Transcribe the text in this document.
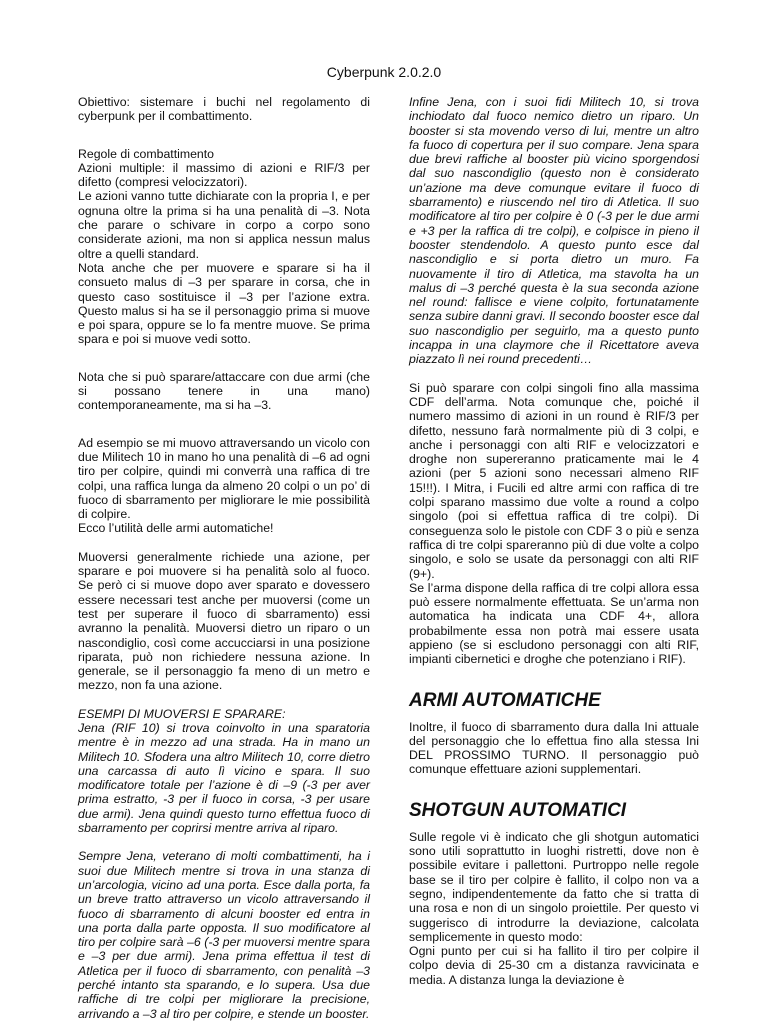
Cyberpunk 2.0.2.0

Obiettivo: sistemare i buchi nel regolamento di cyberpunk per il combattimento.

Regole di combattimento

Azioni multiple: il massimo di azioni e RIF/3 per difetto (compresi velocizzatori).

Le azioni vanno tutte dichiarate con la propria I, e per ognuna oltre la prima si ha una penalità di –3. Nota che parare o schivare in corpo a corpo sono considerate azioni, ma non si applica nessun malus oltre a quelli standard.

Nota anche che per muovere e sparare si ha il consueto malus di –3 per sparare in corsa, che in questo caso sostituisce il –3 per l’azione extra. Questo malus si ha se il personaggio prima si muove e poi spara, oppure se lo fa mentre muove. Se prima spara e poi si muove vedi sotto.

Nota che si può sparare/attaccare con due armi (che si possano tenere in una mano) contemporaneamente, ma si ha –3.

Ad esempio se mi muovo attraversando un vicolo con due Militech 10 in mano ho una penalità di –6 ad ogni tiro per colpire, quindi mi converrà una raffica di tre colpi, una raffica lunga da almeno 20 colpi o un po’ di fuoco di sbarramento per migliorare le mie possibilità di colpire.

Ecco l’utilità delle armi automatiche!

Muoversi generalmente richiede una azione, per sparare e poi muovere si ha penalità solo al fuoco. Se però ci si muove dopo aver sparato e dovessero essere necessari test anche per muoversi (come un test per superare il fuoco di sbarramento) essi avranno la penalità. Muoversi dietro un riparo o un nascondiglio, così come accucciarsi in una posizione riparata, può non richiedere nessuna azione. In generale, se il personaggio fa meno di un metro e mezzo, non fa una azione.

ESEMPI DI MUOVERSI E SPARARE:

Jena (RIF 10) si trova coinvolto in una sparatoria mentre è in mezzo ad una strada. Ha in mano un Militech 10. Sfodera una altro Militech 10, corre dietro una carcassa di auto lì vicino e spara. Il suo modificatore totale per l’azione è di –9 (-3 per aver prima estratto, -3 per il fuoco in corsa, -3 per usare due armi). Jena quindi questo turno effettua fuoco di sbarramento per coprirsi mentre arriva al riparo.

Sempre Jena, veterano di molti combattimenti, ha i suoi due Militech mentre si trova in una stanza di un’arcologia, vicino ad una porta. Esce dalla porta, fa un breve tratto attraverso un vicolo attraversando il fuoco di sbarramento di alcuni booster ed entra in una porta dalla parte opposta. Il suo modificatore al tiro per colpire sarà –6 (-3 per muoversi mentre spara e –3 per due armi). Jena prima effettua il test di Atletica per il fuoco di sbarramento, con penalità –3 perché intanto sta sparando, e lo supera. Usa due raffiche di tre colpi per migliorare la precisione, arrivando a –3 al tiro per colpire, e stende un booster.

Infine Jena, con i suoi fidi Militech 10, si trova inchiodato dal fuoco nemico dietro un riparo. Un booster si sta movendo verso di lui, mentre un altro fa fuoco di copertura per il suo compare. Jena spara due brevi raffiche al booster più vicino sporgendosi dal suo nascondiglio (questo non è considerato un’azione ma deve comunque evitare il fuoco di sbarramento) e riuscendo nel tiro di Atletica. Il suo modificatore al tiro per colpire è 0 (-3 per le due armi e +3 per la raffica di tre colpi), e colpisce in pieno il booster stendendolo. A questo punto esce dal nascondiglio e si porta dietro un muro. Fa nuovamente il tiro di Atletica, ma stavolta ha un malus di –3 perché questa è la sua seconda azione nel round: fallisce e viene colpito, fortunatamente senza subire danni gravi. Il secondo booster esce dal suo nascondiglio per seguirlo, ma a questo punto incappa in una claymore che il Ricettatore aveva piazzato lì nei round precedenti…

Si può sparare con colpi singoli fino alla massima CDF dell’arma. Nota comunque che, poiché il numero massimo di azioni in un round è RIF/3 per difetto, nessuno farà normalmente più di 3 colpi, e anche i personaggi con alti RIF e velocizzatori e droghe non supereranno praticamente mai le 4 azioni (per 5 azioni sono necessari almeno RIF 15!!!). I Mitra, i Fucili ed altre armi con raffica di tre colpi sparano massimo due volte a round a colpo singolo (poi si effettua raffica di tre colpi). Di conseguenza solo le pistole con CDF 3 o più e senza raffica di tre colpi spareranno più di due volte a colpo singolo, e solo se usate da personaggi con alti RIF (9+).

Se l’arma dispone della raffica di tre colpi allora essa può essere normalmente effettuata. Se un’arma non automatica ha indicata una CDF 4+, allora probabilmente essa non potrà mai essere usata appieno (se si escludono personaggi con alti RIF, impianti cibernetici e droghe che potenziano i RIF).

ARMI AUTOMATICHE

Inoltre, il fuoco di sbarramento dura dalla Ini attuale del personaggio che lo effettua fino alla stessa Ini DEL PROSSIMO TURNO. Il personaggio può comunque effettuare azioni supplementari.

SHOTGUN AUTOMATICI

Sulle regole vi è indicato che gli shotgun automatici sono utili soprattutto in luoghi ristretti, dove non è possibile evitare i pallettoni. Purtroppo nelle regole base se il tiro per colpire è fallito, il colpo non va a segno, indipendentemente da fatto che si tratta di una rosa e non di un singolo proiettile. Per questo vi suggerisco di introdurre la deviazione, calcolata semplicemente in questo modo:

Ogni punto per cui si ha fallito il tiro per colpire il colpo devia di 25-30 cm a distanza ravvicinata e media. A distanza lunga la deviazione è
